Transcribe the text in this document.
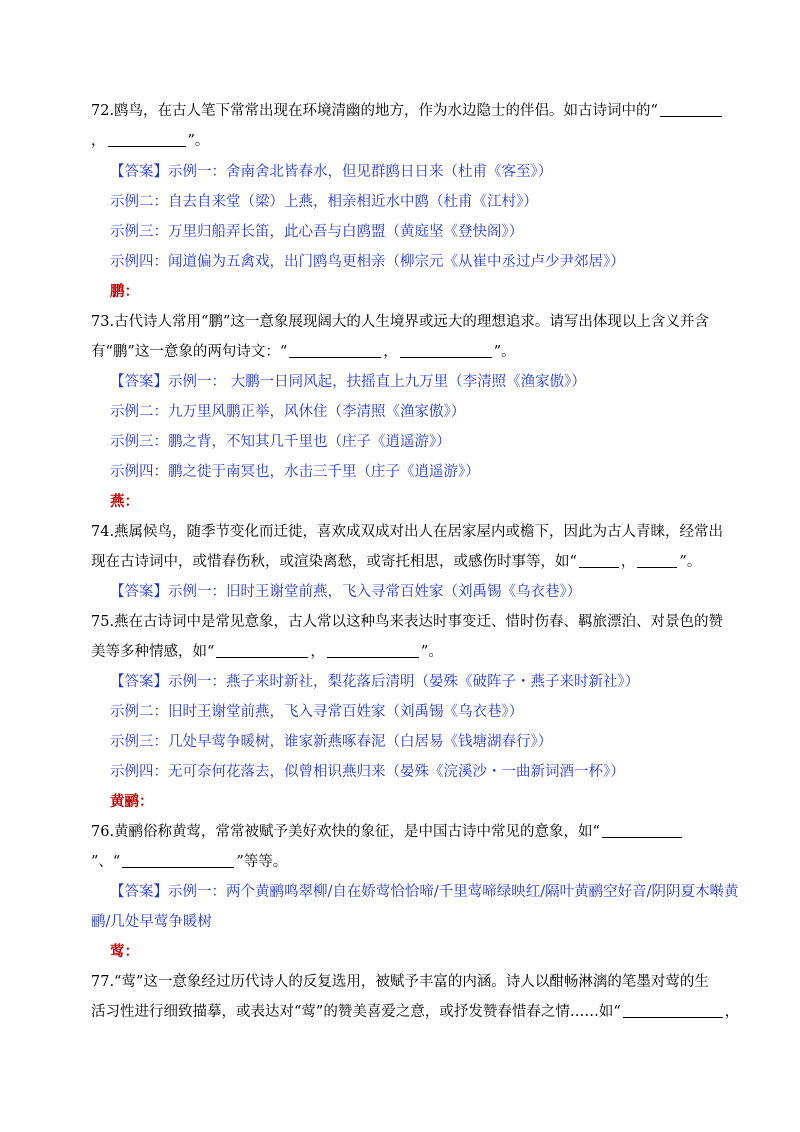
72.鸥鸟，在古人笔下常常出现在环境清幽的地方，作为水边隐士的伴侣。如古诗词中的“
，	”。
【答案】示例一：舍南舍北皆春水，但见群鸥日日来（杜甫《客至》）
示例二：自去自来堂（梁）上燕，相亲相近水中鸥（杜甫《江村》）
示例三：万里归船弄长笛，此心吾与白鸥盟（黄庭坚《登快阁》）
示例四：闻道偏为五禽戏，出门鸥鸟更相亲（柳宗元《从崔中丞过卢少尹郊居》）
鹏：
73.古代诗人常用“鹏”这一意象展现阔大的人生境界或远大的理想追求。请写出体现以上含义并含
有“鹏”这一意象的两句诗文：“	，	”。
【答案】示例一： 大鹏一日同风起，扶摇直上九万里（李清照《渔家傲》）
示例二：九万里风鹏正举，风休住（李清照《渔家傲》）
示例三：鹏之背，不知其几千里也（庄子《逍遥游》）
示例四：鹏之徙于南冥也，水击三千里（庄子《逍遥游》）
燕：
74.燕属候鸟，随季节变化而迁徙，喜欢成双成对出人在居家屋内或檐下，因此为古人青睐，经常出
现在古诗词中，或惜春伤秋，或渲染离愁，或寄托相思，或感伤时事等，如“	，	”。
【答案】示例一：旧时王谢堂前燕，飞入寻常百姓家（刘禹锡《乌衣巷》）
75.燕在古诗词中是常见意象，古人常以这种鸟来表达时事变迁、惜时伤春、羁旅漂泊、对景色的赞
美等多种情感，如“	，	”。
【答案】示例一：燕子来时新社，梨花落后清明（晏殊《破阵子・燕子来时新社》）
示例二：旧时王谢堂前燕，飞入寻常百姓家（刘禹锡《乌衣巷》）
示例三：几处早莺争暖树，谁家新燕啄春泥（白居易《钱塘湖春行》）
示例四：无可奈何花落去，似曾相识燕归来（晏殊《浣溪沙・一曲新词酒一杯》）
黄鹂：
76.黄鹂俗称黄莺，常常被赋予美好欢快的象征，是中国古诗中常见的意象，如“
”、“	”等等。
【答案】示例一：两个黄鹂鸣翠柳/自在娇莺恰恰啼/千里莺啼绿映红/隔叶黄鹂空好音/阴阴夏木啭黄
鹂/几处早莺争暖树
莺：
77.“莺”这一意象经过历代诗人的反复选用，被赋予丰富的内涵。诗人以酣畅淋漓的笔墨对莺的生
活习性进行细致描摹，或表达对“莺”的赞美喜爱之意，或抒发赞春惜春之情……如“	，
